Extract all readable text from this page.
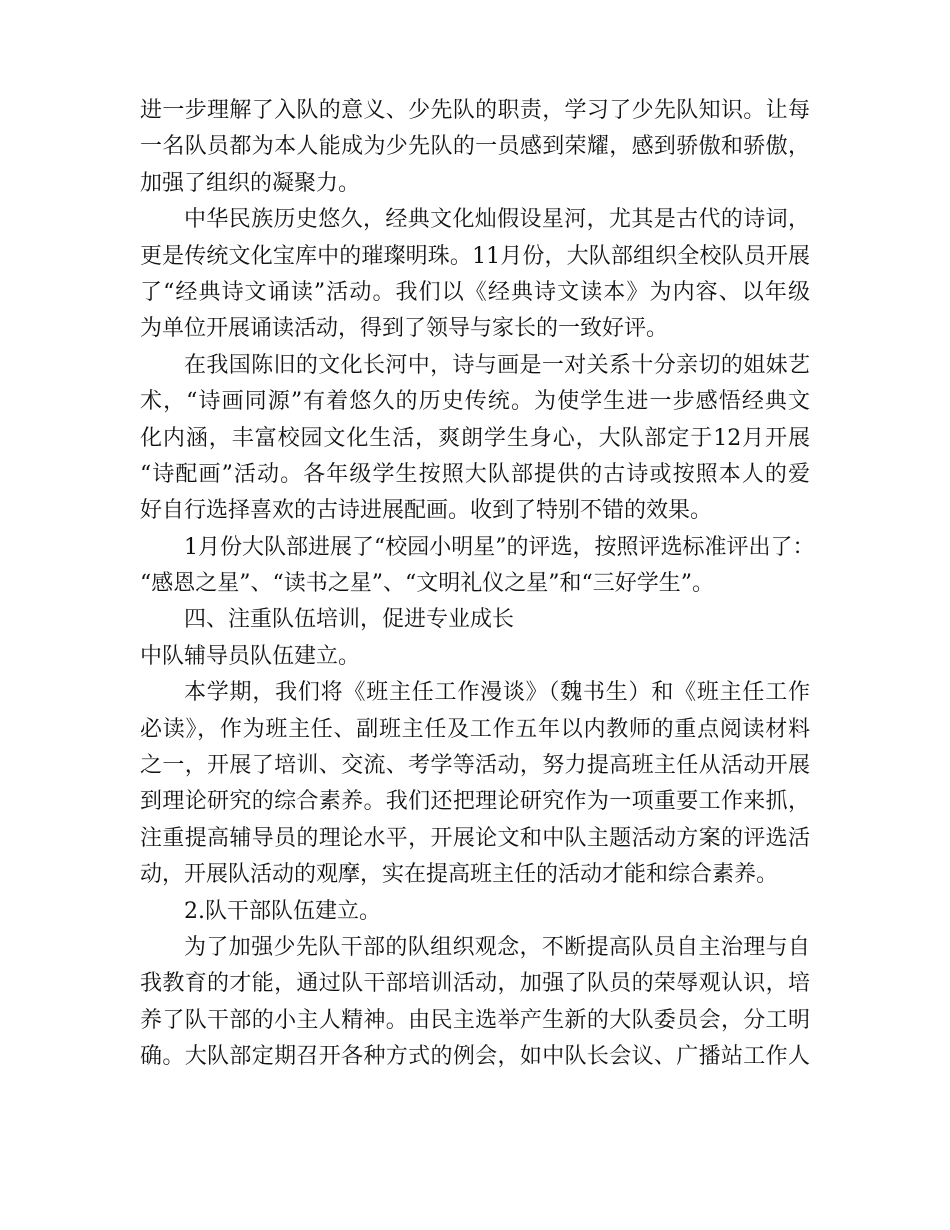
进一步理解了入队的意义、少先队的职责，学习了少先队知识。让每
一名队员都为本人能成为少先队的一员感到荣耀，感到骄傲和骄傲，
加强了组织的凝聚力。
中华民族历史悠久，经典文化灿假设星河，尤其是古代的诗词，
更是传统文化宝库中的璀璨明珠。11月份，大队部组织全校队员开展
了“经典诗文诵读”活动。我们以《经典诗文读本》为内容、以年级
为单位开展诵读活动，得到了领导与家长的一致好评。
在我国陈旧的文化长河中，诗与画是一对关系十分亲切的姐妹艺
术，“诗画同源”有着悠久的历史传统。为使学生进一步感悟经典文
化内涵，丰富校园文化生活，爽朗学生身心，大队部定于12月开展
“诗配画”活动。各年级学生按照大队部提供的古诗或按照本人的爱
好自行选择喜欢的古诗进展配画。收到了特别不错的效果。
1月份大队部进展了“校园小明星”的评选，按照评选标准评出了：
“感恩之星”、“读书之星”、“文明礼仪之星”和“三好学生”。
四、注重队伍培训，促进专业成长
中队辅导员队伍建立。
本学期，我们将《班主任工作漫谈》（魏书生）和《班主任工作
必读》，作为班主任、副班主任及工作五年以内教师的重点阅读材料
之一，开展了培训、交流、考学等活动，努力提高班主任从活动开展
到理论研究的综合素养。我们还把理论研究作为一项重要工作来抓，
注重提高辅导员的理论水平，开展论文和中队主题活动方案的评选活
动，开展队活动的观摩，实在提高班主任的活动才能和综合素养。
2.队干部队伍建立。
为了加强少先队干部的队组织观念，不断提高队员自主治理与自
我教育的才能，通过队干部培训活动，加强了队员的荣辱观认识，培
养了队干部的小主人精神。由民主选举产生新的大队委员会，分工明
确。大队部定期召开各种方式的例会，如中队长会议、广播站工作人
